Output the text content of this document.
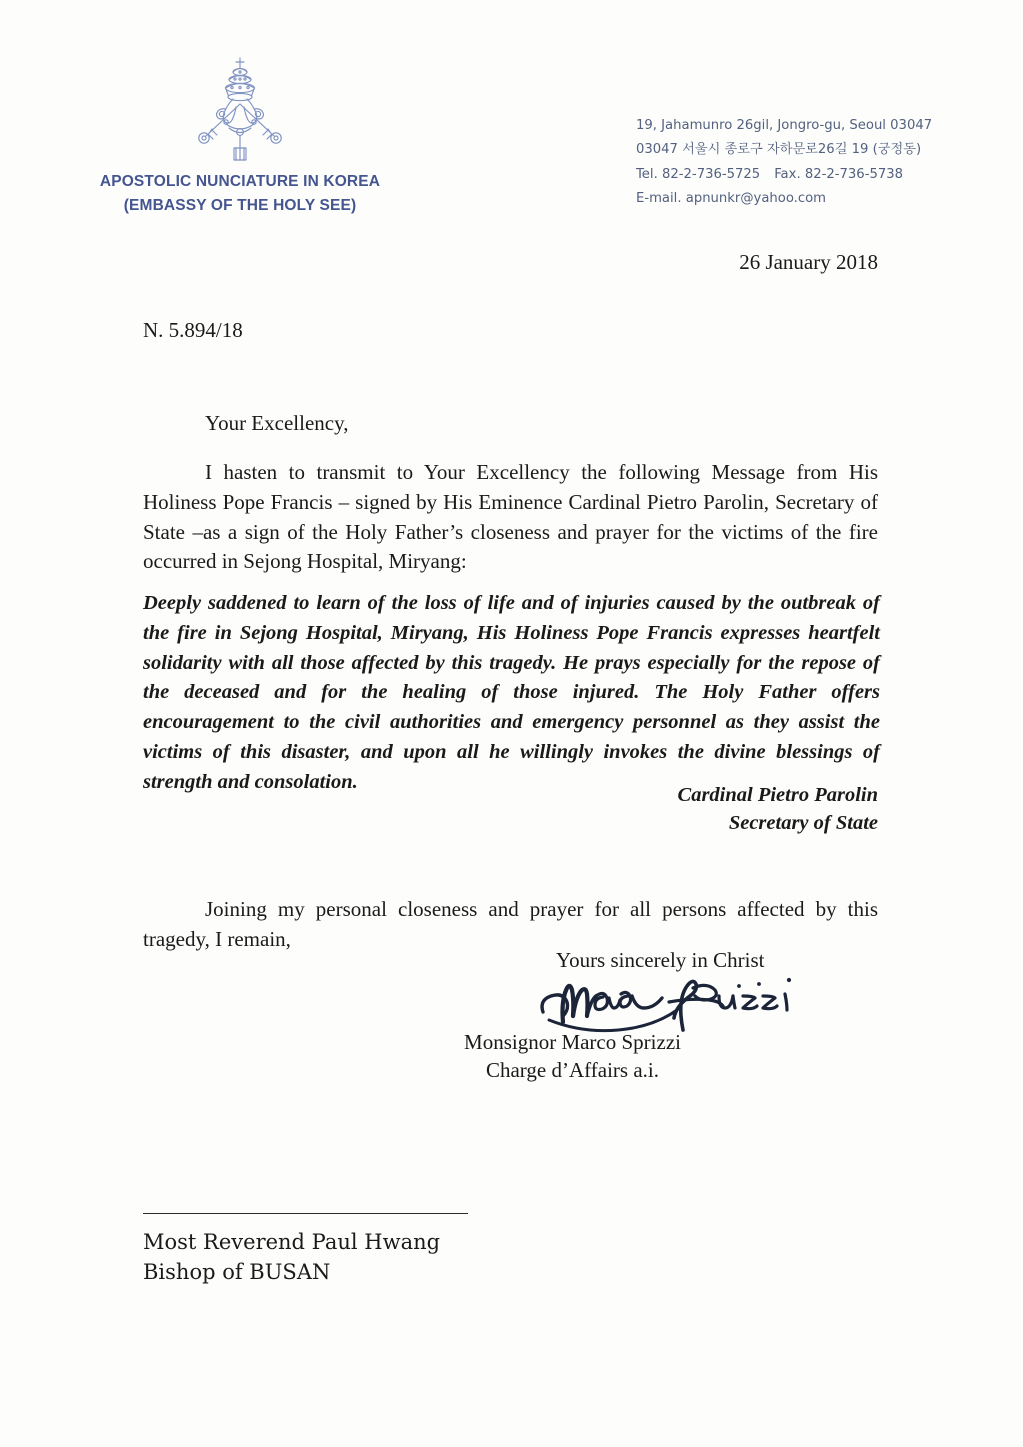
APOSTOLIC NUNCIATURE IN KOREA
(EMBASSY OF THE HOLY SEE)
19, Jahamunro 26gil, Jongro-gu, Seoul 03047
03047 서울시 종로구 자하문로26길 19 (궁정동)
Tel. 82-2-736-5725 Fax. 82-2-736-5738
E-mail. apnunkr@yahoo.com
26 January 2018
N. 5.894/18
Your Excellency,
I hasten to transmit to Your Excellency the following Message from His Holiness Pope Francis – signed by His Eminence Cardinal Pietro Parolin, Secretary of State –as a sign of the Holy Father’s closeness and prayer for the victims of the fire occurred in Sejong Hospital, Miryang:
Deeply saddened to learn of the loss of life and of injuries caused by the outbreak of the fire in Sejong Hospital, Miryang, His Holiness Pope Francis expresses heartfelt solidarity with all those affected by this tragedy. He prays especially for the repose of the deceased and for the healing of those injured. The Holy Father offers encouragement to the civil authorities and emergency personnel as they assist the victims of this disaster, and upon all he willingly invokes the divine blessings of strength and consolation.
Cardinal Pietro Parolin
Secretary of State
Joining my personal closeness and prayer for all persons affected by this tragedy, I remain,
Yours sincerely in Christ
Monsignor Marco Sprizzi
Charge d’Affairs a.i.
Most Reverend Paul Hwang
Bishop of BUSAN
